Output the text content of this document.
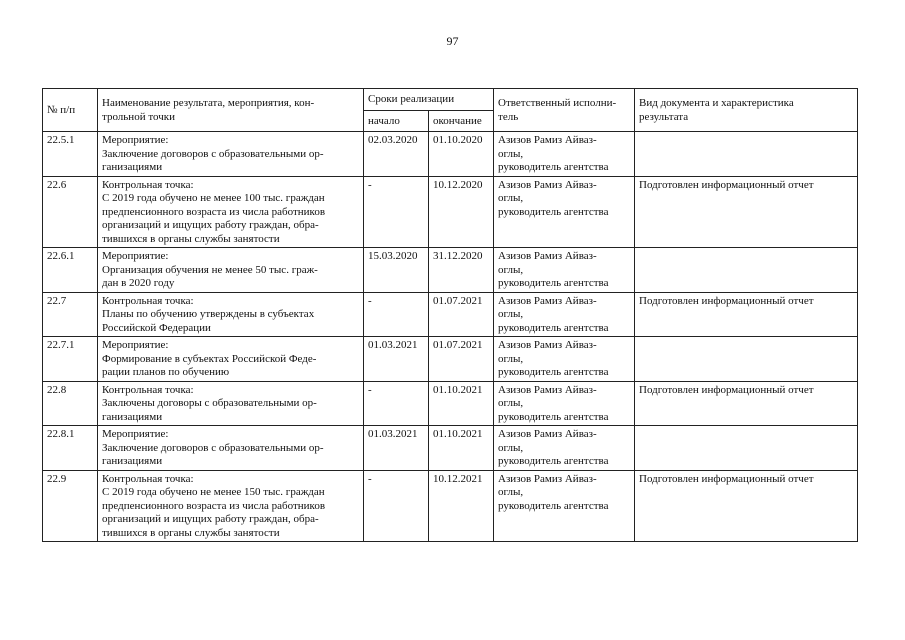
97
№ п/п	Наименование результата, мероприятия, кон-
трольной точки	Сроки реализации		Ответственный исполни-
тель	Вид документа и характеристика
результата
		начало	окончание		
22.5.1	Мероприятие:
Заключение договоров с образовательными ор-
ганизациями	02.03.2020	01.10.2020	Азизов Рамиз Айваз-
оглы,
руководитель агентства	
22.6	Контрольная точка:
С 2019 года обучено не менее 100 тыс. граждан
предпенсионного возраста из числа работников
организаций и ищущих работу граждан, обра-
тившихся в органы службы занятости	-	10.12.2020	Азизов Рамиз Айваз-
оглы,
руководитель агентства	Подготовлен информационный отчет
22.6.1	Мероприятие:
Организация обучения не менее 50 тыс. граж-
дан в 2020 году	15.03.2020	31.12.2020	Азизов Рамиз Айваз-
оглы,
руководитель агентства	
22.7	Контрольная точка:
Планы по обучению утверждены в субъектах
Российской Федерации	-	01.07.2021	Азизов Рамиз Айваз-
оглы,
руководитель агентства	Подготовлен информационный отчет
22.7.1	Мероприятие:
Формирование в субъектах Российской Феде-
рации планов по обучению	01.03.2021	01.07.2021	Азизов Рамиз Айваз-
оглы,
руководитель агентства	
22.8	Контрольная точка:
Заключены договоры с образовательными ор-
ганизациями	-	01.10.2021	Азизов Рамиз Айваз-
оглы,
руководитель агентства	Подготовлен информационный отчет
22.8.1	Мероприятие:
Заключение договоров с образовательными ор-
ганизациями	01.03.2021	01.10.2021	Азизов Рамиз Айваз-
оглы,
руководитель агентства	
22.9	Контрольная точка:
С 2019 года обучено не менее 150 тыс. граждан
предпенсионного возраста из числа работников
организаций и ищущих работу граждан, обра-
тившихся в органы службы занятости	-	10.12.2021	Азизов Рамиз Айваз-
оглы,
руководитель агентства	Подготовлен информационный отчет
